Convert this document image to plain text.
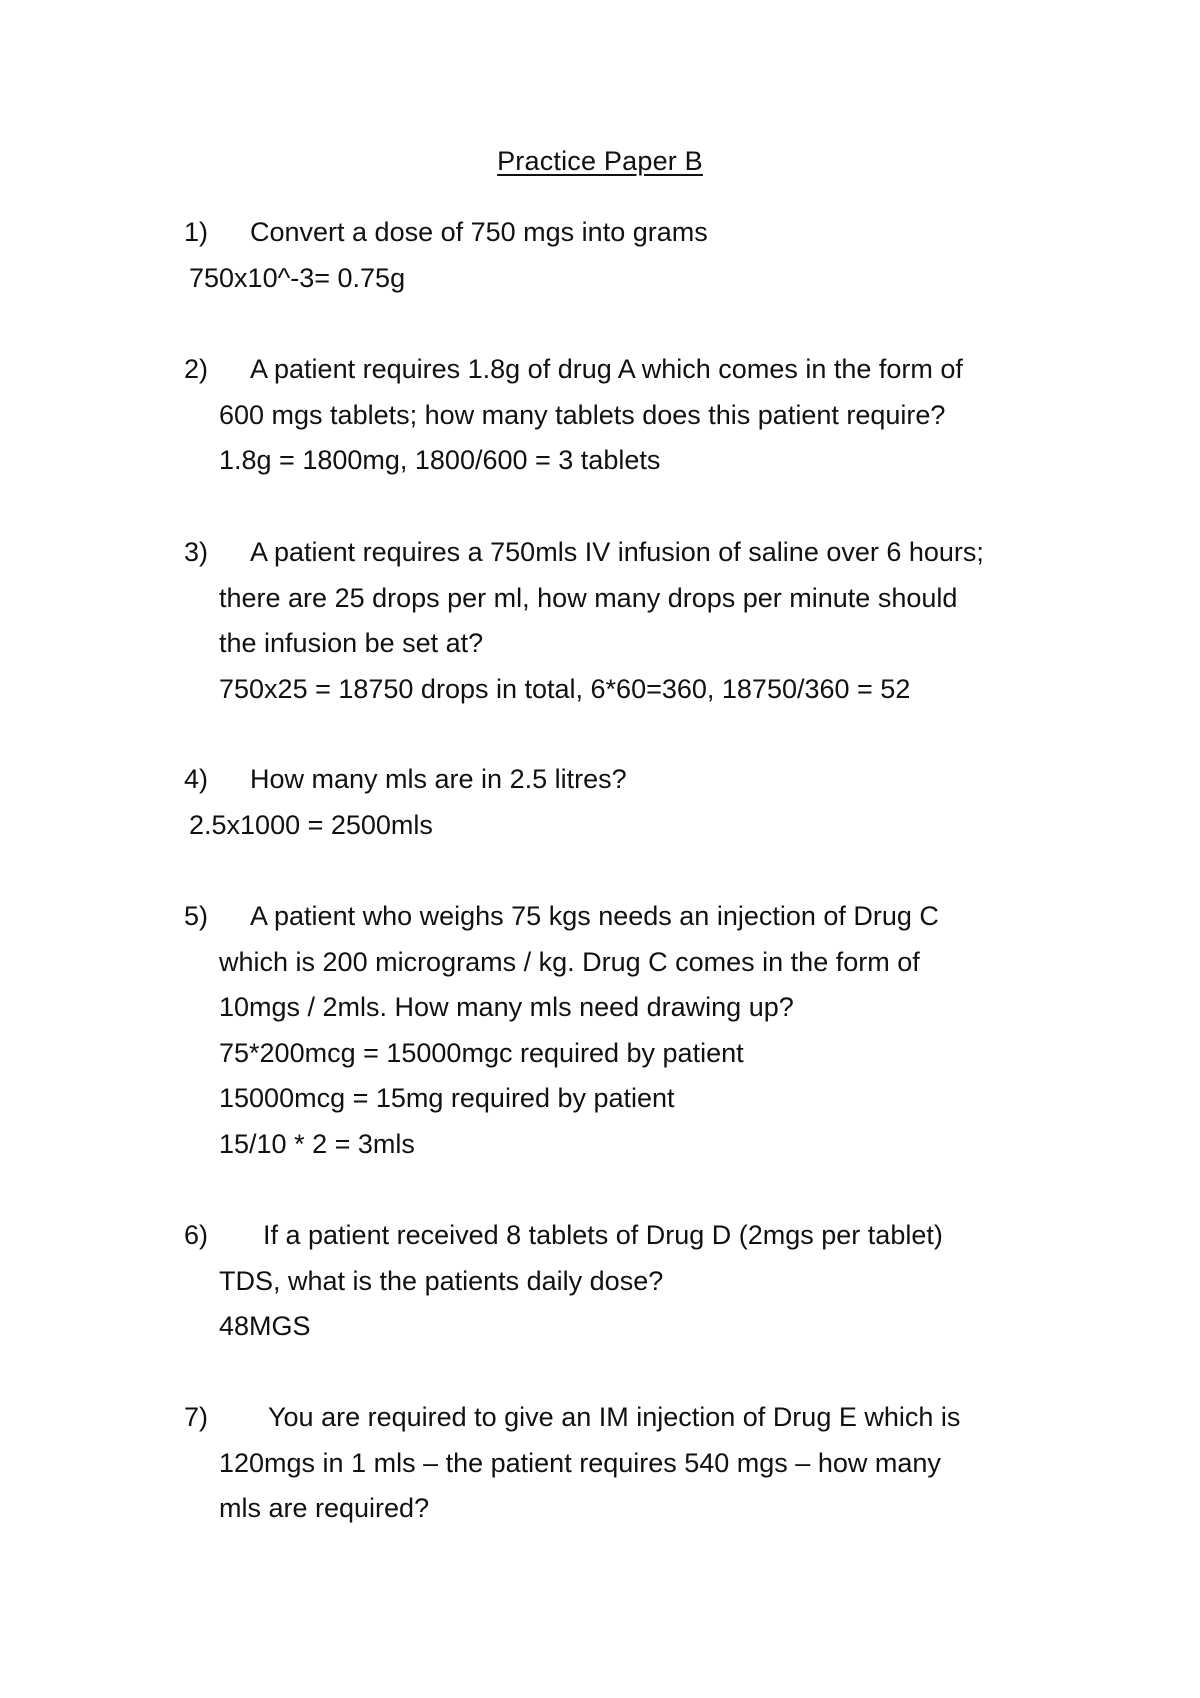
Practice Paper B
1) Convert a dose of 750 mgs into grams
750x10^-3= 0.75g
2) A patient requires 1.8g of drug A which comes in the form of
600 mgs tablets; how many tablets does this patient require?
1.8g = 1800mg, 1800/600 = 3 tablets
3) A patient requires a 750mls IV infusion of saline over 6 hours;
there are 25 drops per ml, how many drops per minute should
the infusion be set at?
750x25 = 18750 drops in total, 6*60=360, 18750/360 = 52
4) How many mls are in 2.5 litres?
2.5x1000 = 2500mls
5) A patient who weighs 75 kgs needs an injection of Drug C
which is 200 micrograms / kg. Drug C comes in the form of
10mgs / 2mls. How many mls need drawing up?
75*200mcg = 15000mgc required by patient
15000mcg = 15mg required by patient
15/10 * 2 = 3mls
6) If a patient received 8 tablets of Drug D (2mgs per tablet)
TDS, what is the patients daily dose?
48MGS
7) You are required to give an IM injection of Drug E which is
120mgs in 1 mls – the patient requires 540 mgs – how many
mls are required?
